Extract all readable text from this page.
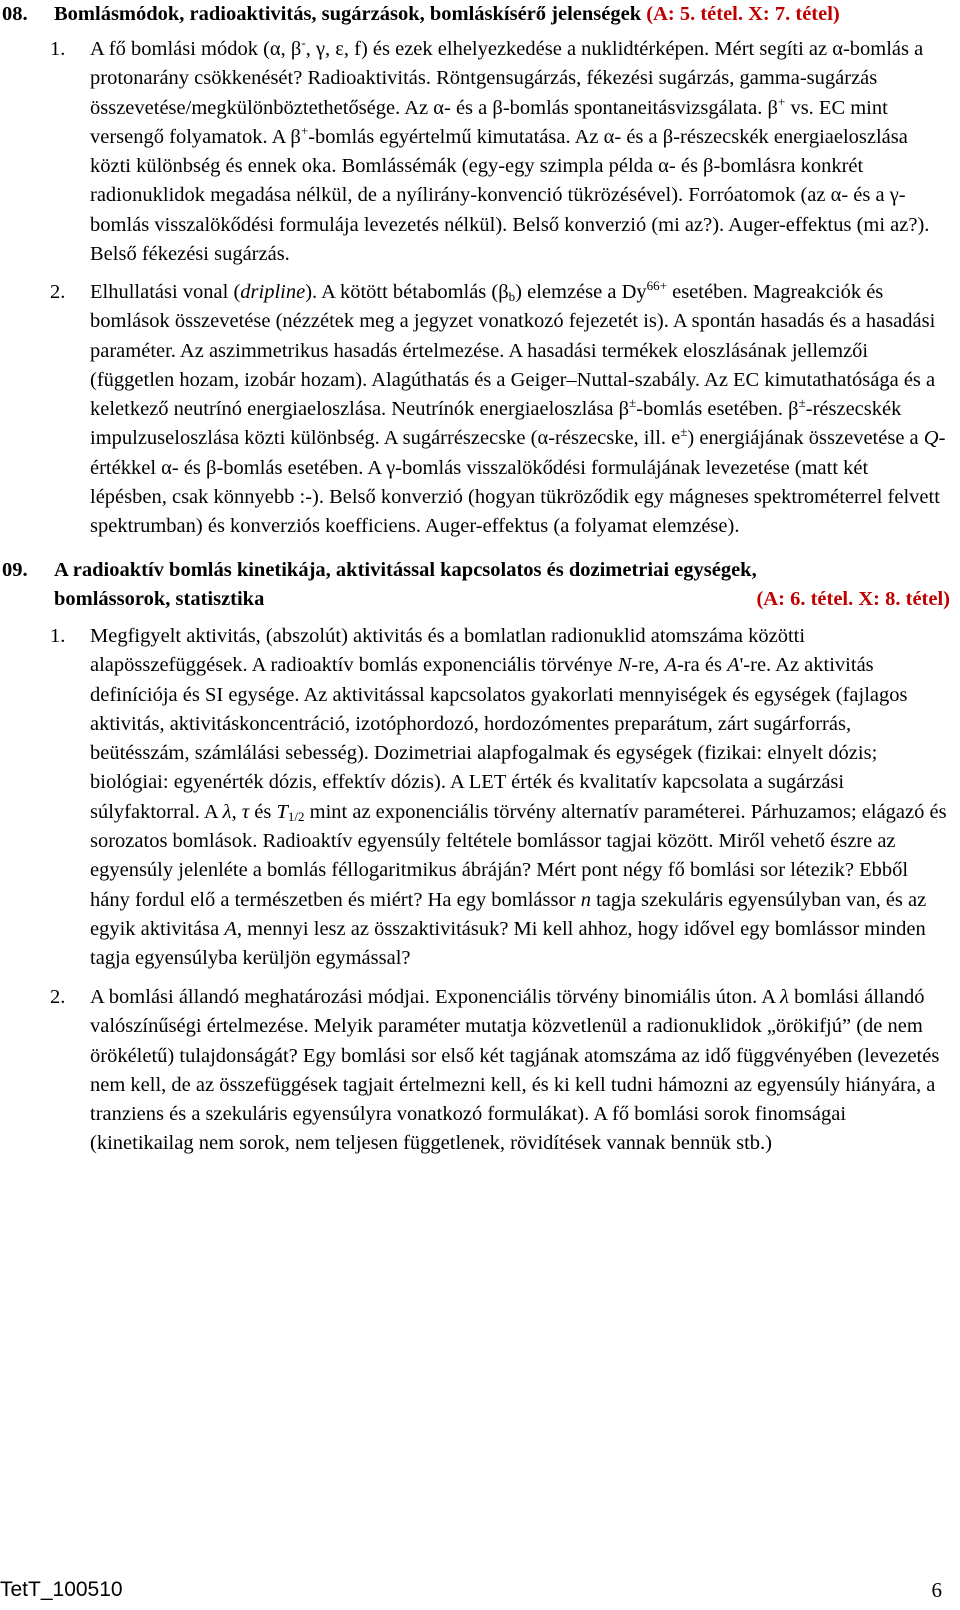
08. Bomlásmódok, radioaktivitás, sugárzások, bomláskísérő jelenségek (A: 5. tétel. X: 7. tétel)
1. A fő bomlási módok (α, β-, γ, ε, f) és ezek elhelyezkedése a nuklidtérképen. Mért segíti az α-bomlás a protonarány csökkenését? Radioaktivitás. Röntgensugárzás, fékezési sugárzás, gamma-sugárzás összevetése/megkülönböztethetősége. Az α- és a β-bomlás spontaneitásvizsgálata. β+ vs. EC mint versengő folyamatok. A β+-bomlás egyértelmű kimutatása. Az α- és a β-részecskék energiaeloszlása közti különbség és ennek oka. Bomlássémák (egy-egy szimpla példa α- és β-bomlásra konkrét radionuklidok megadása nélkül, de a nyílirány-konvenció tükrözésével). Forróatomok (az α- és a γ-bomlás visszalökődési formulája levezetés nélkül). Belső konverzió (mi az?). Auger-effektus (mi az?). Belső fékezési sugárzás.

2. Elhullatási vonal (dripline). A kötött bétabomlás $(\beta_b)$ elemzése a $Dy^{66+}$ esetében. Magreakciók és bomlások összevetése (nézzétek meg a jegyzet vonatkozó fejezetét is). A spontán hasadás és a hasadási paraméter. Az aszimmetrikus hasadás értelmezése. A hasadási termékek eloszlásának jellemzői (független hozam, izobár hozam). Alagúthatás és a Geiger–Nuttal-szabály. Az EC kimutathatósága és a keletkező neutrínó energiaeloszlása. Neutrínók energiaeloszlása β±-bomlás esetében. β±-részecskék impulzuseloszlása közti különbség. A sugárrészecske (α-részecske, ill. e±) energiájának összevetése a Q-értékkel α- és β-bomlás esetében. A γ-bomlás visszalökődési formulájának levezetése (matt két lépésben, csak könnyebb :-). Belső konverzió (hogyan tükröződik egy mágneses spektrométerrel felvett spektrumban) és konverziós koefficiens. Auger-effektus (a folyamat elemzése).

09. A radioaktív bomlás kinetikája, aktivitással kapcsolatos és dozimetriai egységek,
bomlássorok, statisztika	(A: 6. tétel. X: 8. tétel)
1. Megfigyelt aktivitás, (abszolút) aktivitás és a bomlatlan radionuklid atomszáma közötti alapösszefüggések. A radioaktív bomlás exponenciális törvénye N-re, A-ra és A'-re. Az aktivitás definíciója és SI egysége. Az aktivitással kapcsolatos gyakorlati mennyiségek és egységek (fajlagos aktivitás, aktivitáskoncentráció, izotóphordozó, hordozómentes preparátum, zárt sugárforrás, beütésszám, számlálási sebesség). Dozimetriai alapfogalmak és egységek (fizikai: elnyelt dózis; biológiai: egyenérték dózis, effektív dózis). A LET érték és kvalitatív kapcsolata a sugárzási súlyfaktorral. A λ, τ és $T_{1/2}$ mint az exponenciális törvény alternatív paraméterei. Párhuzamos; elágazó és sorozatos bomlások. Radioaktív egyensúly feltétele bomlássor tagjai között. Miről vehető észre az egyensúly jelenléte a bomlás féllogaritmikus ábráján? Mért pont négy fő bomlási sor létezik? Ebből hány fordul elő a természetben és miért? Ha egy bomlássor n tagja szekuláris egyensúlyban van, és az egyik aktivitása A, mennyi lesz az összaktivitásuk? Mi kell ahhoz, hogy idővel egy bomlássor minden tagja egyensúlyba kerüljön egymással?

2. A bomlási állandó meghatározási módjai. Exponenciális törvény binomiális úton. A λ bomlási állandó valószínűségi értelmezése. Melyik paraméter mutatja közvetlenül a radionuklidok „örökifjú” (de nem örökéletű) tulajdonságát? Egy bomlási sor első két tagjának atomszáma az idő függvényében (levezetés nem kell, de az összefüggések tagjait értelmezni kell, és ki kell tudni hámozni az egyensúly hiányára, a tranziens és a szekuláris egyensúlyra vonatkozó formulákat). A fő bomlási sorok finomságai (kinetikailag nem sorok, nem teljesen függetlenek, rövidítések vannak bennük stb.)

TetT_100510	6
